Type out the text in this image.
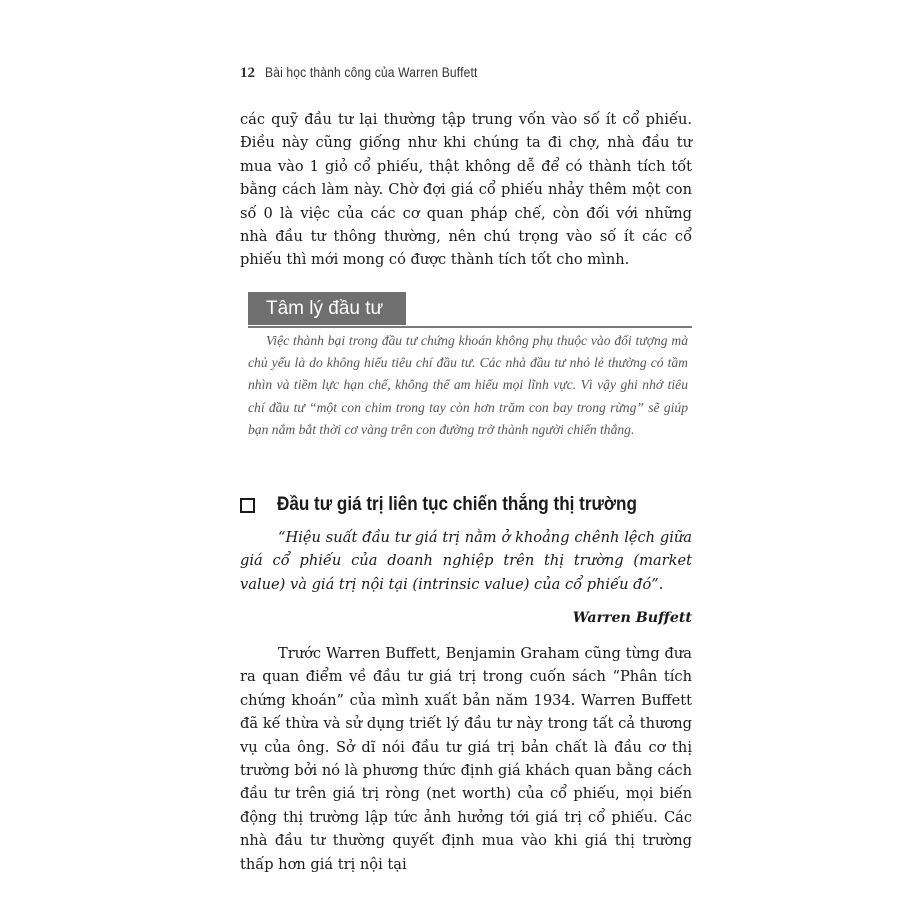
12 Bài học thành công của Warren Buffett

các quỹ đầu tư lại thường tập trung vốn vào số ít cổ phiếu. Điều này cũng giống như khi chúng ta đi chợ, nhà đầu tư mua vào 1 giỏ cổ phiếu, thật không dễ để có thành tích tốt bằng cách làm này. Chờ đợi giá cổ phiếu nhảy thêm một con số 0 là việc của các cơ quan pháp chế, còn đối với những nhà đầu tư thông thường, nên chú trọng vào số ít các cổ phiếu thì mới mong có được thành tích tốt cho mình.

Tâm lý đầu tư

Việc thành bại trong đầu tư chứng khoán không phụ thuộc vào đối tượng mà chủ yếu là do không hiểu tiêu chí đầu tư. Các nhà đầu tư nhỏ lẻ thường có tầm nhìn và tiềm lực hạn chế, không thể am hiểu mọi lĩnh vực. Vì vậy ghi nhớ tiêu chí đầu tư “một con chim trong tay còn hơn trăm con bay trong rừng” sẽ giúp bạn nắm bắt thời cơ vàng trên con đường trở thành người chiến thắng.

Đầu tư giá trị liên tục chiến thắng thị trường

“Hiệu suất đầu tư giá trị nằm ở khoảng chênh lệch giữa giá cổ phiếu của doanh nghiệp trên thị trường (market value) và giá trị nội tại (intrinsic value) của cổ phiếu đó”.

Warren Buffett

Trước Warren Buffett, Benjamin Graham cũng từng đưa ra quan điểm về đầu tư giá trị trong cuốn sách “Phân tích chứng khoán” của mình xuất bản năm 1934. Warren Buffett đã kế thừa và sử dụng triết lý đầu tư này trong tất cả thương vụ của ông. Sở dĩ nói đầu tư giá trị bản chất là đầu cơ thị trường bởi nó là phương thức định giá khách quan bằng cách đầu tư trên giá trị ròng (net worth) của cổ phiếu, mọi biến động thị trường lập tức ảnh hưởng tới giá trị cổ phiếu. Các nhà đầu tư thường quyết định mua vào khi giá thị trường thấp hơn giá trị nội tại
